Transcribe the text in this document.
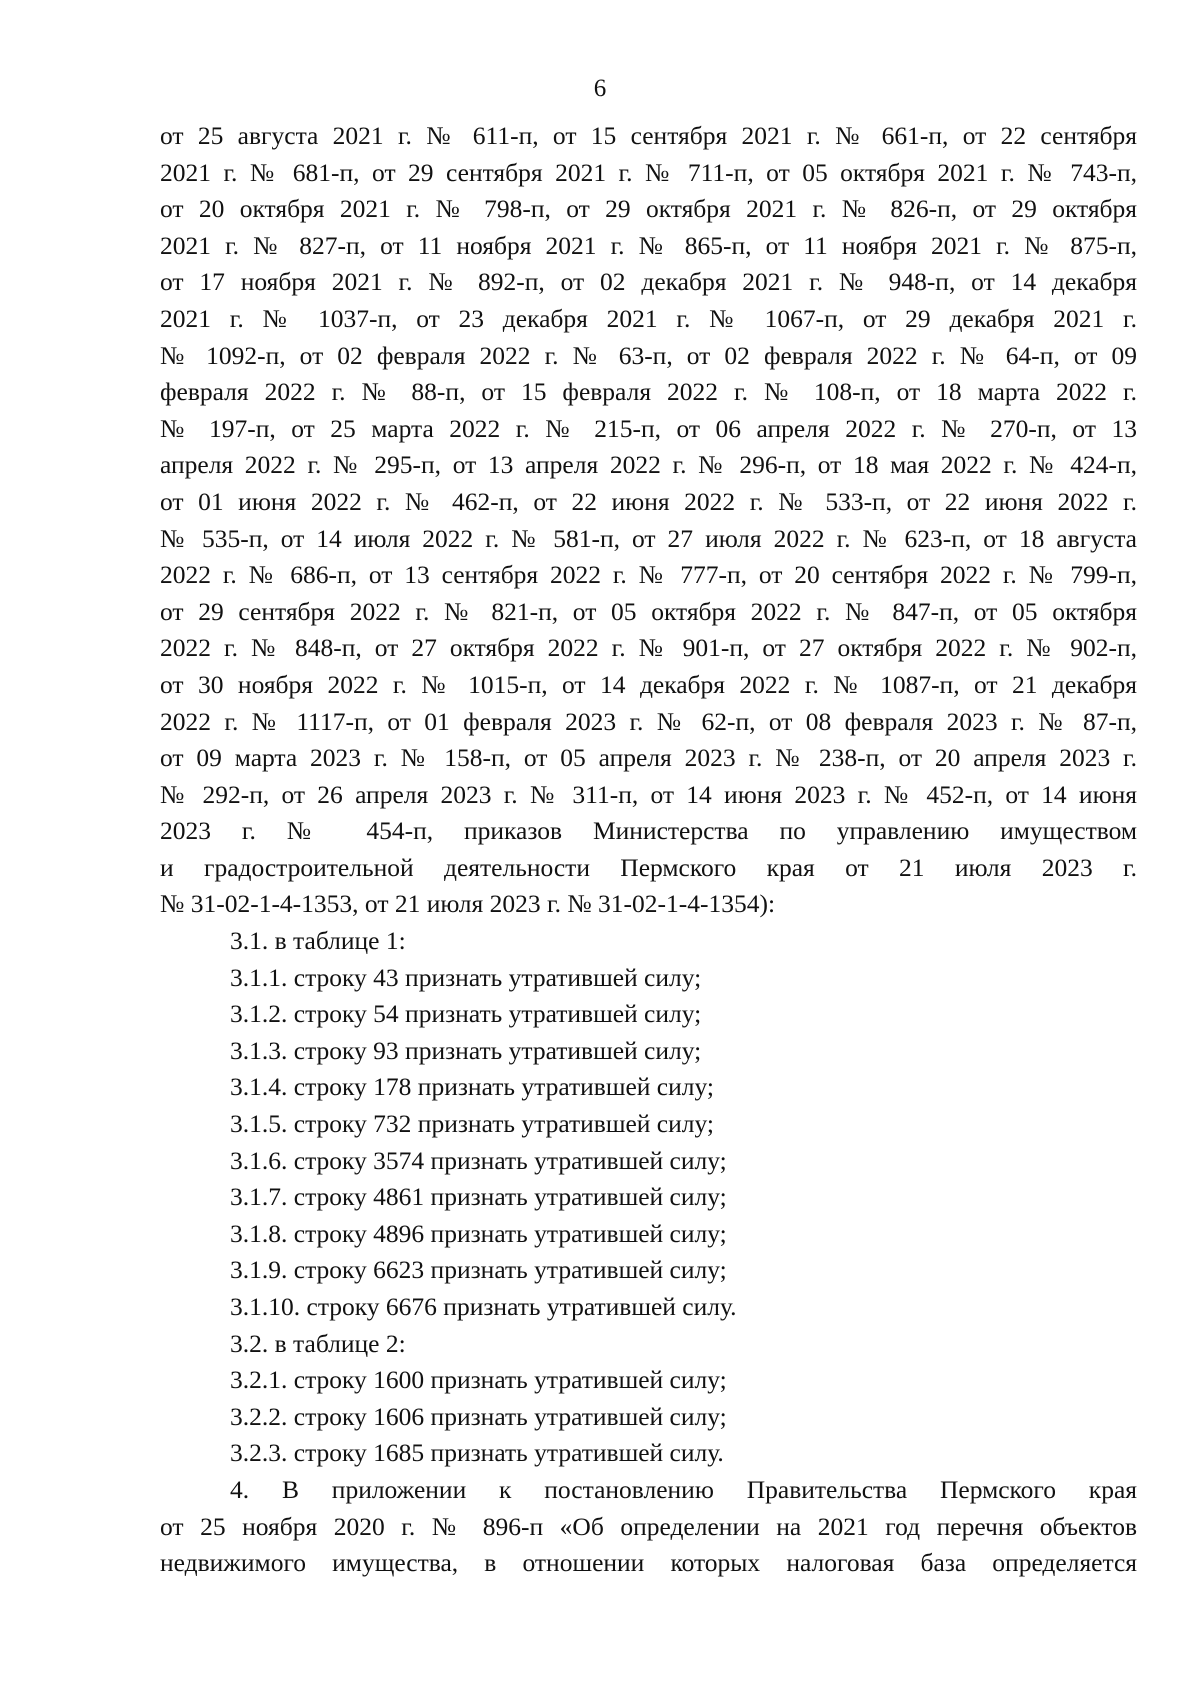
6
от 25 августа 2021 г. № 611-п, от 15 сентября 2021 г. № 661-п, от 22 сентября
2021 г. № 681-п, от 29 сентября 2021 г. № 711-п, от 05 октября 2021 г. № 743-п,
от 20 октября 2021 г. № 798-п, от 29 октября 2021 г. № 826-п, от 29 октября
2021 г. № 827-п, от 11 ноября 2021 г. № 865-п, от 11 ноября 2021 г. № 875-п,
от 17 ноября 2021 г. № 892-п, от 02 декабря 2021 г. № 948-п, от 14 декабря
2021 г. № 1037-п, от 23 декабря 2021 г. № 1067-п, от 29 декабря 2021 г.
№ 1092-п, от 02 февраля 2022 г. № 63-п, от 02 февраля 2022 г. № 64-п, от 09
февраля 2022 г. № 88-п, от 15 февраля 2022 г. № 108-п, от 18 марта 2022 г.
№ 197-п, от 25 марта 2022 г. № 215-п, от 06 апреля 2022 г. № 270-п, от 13
апреля 2022 г. № 295-п, от 13 апреля 2022 г. № 296-п, от 18 мая 2022 г. № 424-п,
от 01 июня 2022 г. № 462-п, от 22 июня 2022 г. № 533-п, от 22 июня 2022 г.
№ 535-п, от 14 июля 2022 г. № 581-п, от 27 июля 2022 г. № 623-п, от 18 августа
2022 г. № 686-п, от 13 сентября 2022 г. № 777-п, от 20 сентября 2022 г. № 799-п,
от 29 сентября 2022 г. № 821-п, от 05 октября 2022 г. № 847-п, от 05 октября
2022 г. № 848-п, от 27 октября 2022 г. № 901-п, от 27 октября 2022 г. № 902-п,
от 30 ноября 2022 г. № 1015-п, от 14 декабря 2022 г. № 1087-п, от 21 декабря
2022 г. № 1117-п, от 01 февраля 2023 г. № 62-п, от 08 февраля 2023 г. № 87-п,
от 09 марта 2023 г. № 158-п, от 05 апреля 2023 г. № 238-п, от 20 апреля 2023 г.
№ 292-п, от 26 апреля 2023 г. № 311-п, от 14 июня 2023 г. № 452-п, от 14 июня
2023 г. № 454-п, приказов Министерства по управлению имуществом
и градостроительной деятельности Пермского края от 21 июля 2023 г.
№ 31-02-1-4-1353, от 21 июля 2023 г. № 31-02-1-4-1354):
3.1. в таблице 1:
3.1.1. строку 43 признать утратившей силу;
3.1.2. строку 54 признать утратившей силу;
3.1.3. строку 93 признать утратившей силу;
3.1.4. строку 178 признать утратившей силу;
3.1.5. строку 732 признать утратившей силу;
3.1.6. строку 3574 признать утратившей силу;
3.1.7. строку 4861 признать утратившей силу;
3.1.8. строку 4896 признать утратившей силу;
3.1.9. строку 6623 признать утратившей силу;
3.1.10. строку 6676 признать утратившей силу.
3.2. в таблице 2:
3.2.1. строку 1600 признать утратившей силу;
3.2.2. строку 1606 признать утратившей силу;
3.2.3. строку 1685 признать утратившей силу.
4. В приложении к постановлению Правительства Пермского края
от 25 ноября 2020 г. № 896-п «Об определении на 2021 год перечня объектов
недвижимого имущества, в отношении которых налоговая база определяется
